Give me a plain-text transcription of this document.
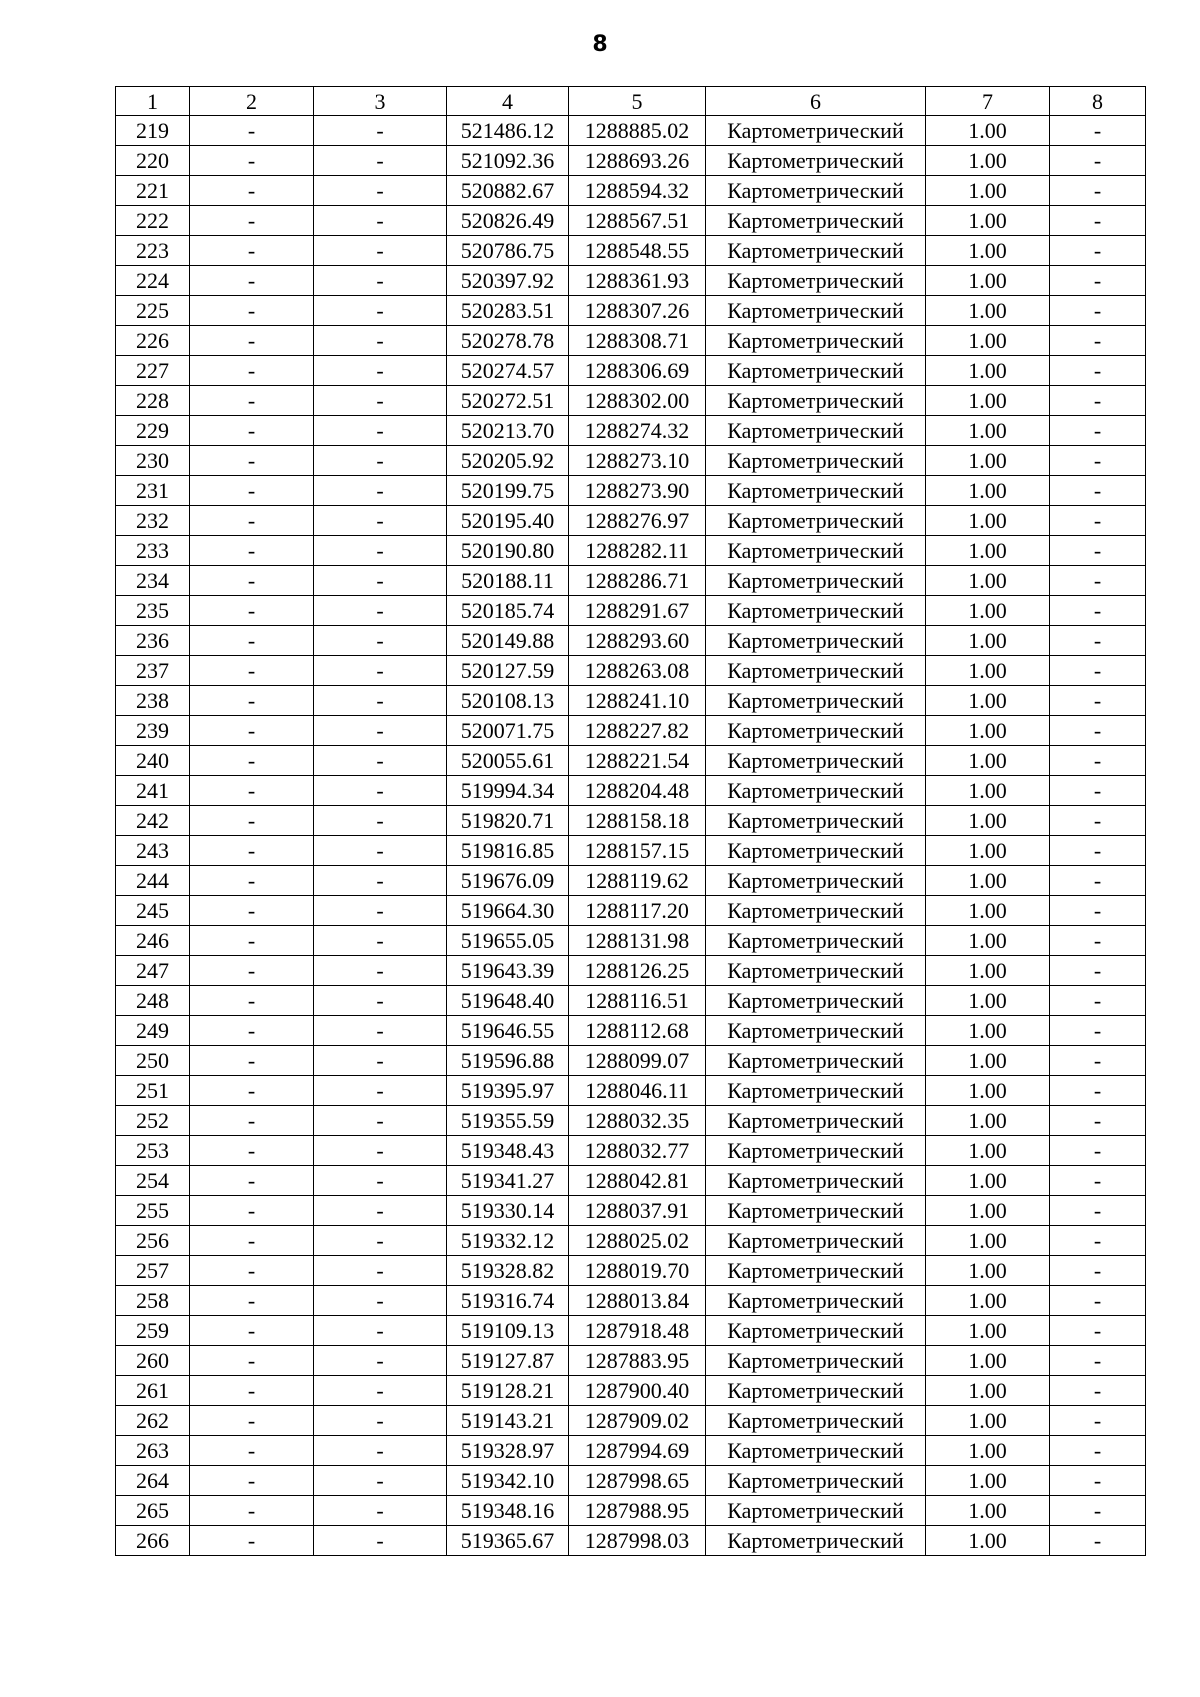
8
1	2	3	4	5	6	7	8
219	-	-	521486.12	1288885.02	Картометрический	1.00	-
220	-	-	521092.36	1288693.26	Картометрический	1.00	-
221	-	-	520882.67	1288594.32	Картометрический	1.00	-
222	-	-	520826.49	1288567.51	Картометрический	1.00	-
223	-	-	520786.75	1288548.55	Картометрический	1.00	-
224	-	-	520397.92	1288361.93	Картометрический	1.00	-
225	-	-	520283.51	1288307.26	Картометрический	1.00	-
226	-	-	520278.78	1288308.71	Картометрический	1.00	-
227	-	-	520274.57	1288306.69	Картометрический	1.00	-
228	-	-	520272.51	1288302.00	Картометрический	1.00	-
229	-	-	520213.70	1288274.32	Картометрический	1.00	-
230	-	-	520205.92	1288273.10	Картометрический	1.00	-
231	-	-	520199.75	1288273.90	Картометрический	1.00	-
232	-	-	520195.40	1288276.97	Картометрический	1.00	-
233	-	-	520190.80	1288282.11	Картометрический	1.00	-
234	-	-	520188.11	1288286.71	Картометрический	1.00	-
235	-	-	520185.74	1288291.67	Картометрический	1.00	-
236	-	-	520149.88	1288293.60	Картометрический	1.00	-
237	-	-	520127.59	1288263.08	Картометрический	1.00	-
238	-	-	520108.13	1288241.10	Картометрический	1.00	-
239	-	-	520071.75	1288227.82	Картометрический	1.00	-
240	-	-	520055.61	1288221.54	Картометрический	1.00	-
241	-	-	519994.34	1288204.48	Картометрический	1.00	-
242	-	-	519820.71	1288158.18	Картометрический	1.00	-
243	-	-	519816.85	1288157.15	Картометрический	1.00	-
244	-	-	519676.09	1288119.62	Картометрический	1.00	-
245	-	-	519664.30	1288117.20	Картометрический	1.00	-
246	-	-	519655.05	1288131.98	Картометрический	1.00	-
247	-	-	519643.39	1288126.25	Картометрический	1.00	-
248	-	-	519648.40	1288116.51	Картометрический	1.00	-
249	-	-	519646.55	1288112.68	Картометрический	1.00	-
250	-	-	519596.88	1288099.07	Картометрический	1.00	-
251	-	-	519395.97	1288046.11	Картометрический	1.00	-
252	-	-	519355.59	1288032.35	Картометрический	1.00	-
253	-	-	519348.43	1288032.77	Картометрический	1.00	-
254	-	-	519341.27	1288042.81	Картометрический	1.00	-
255	-	-	519330.14	1288037.91	Картометрический	1.00	-
256	-	-	519332.12	1288025.02	Картометрический	1.00	-
257	-	-	519328.82	1288019.70	Картометрический	1.00	-
258	-	-	519316.74	1288013.84	Картометрический	1.00	-
259	-	-	519109.13	1287918.48	Картометрический	1.00	-
260	-	-	519127.87	1287883.95	Картометрический	1.00	-
261	-	-	519128.21	1287900.40	Картометрический	1.00	-
262	-	-	519143.21	1287909.02	Картометрический	1.00	-
263	-	-	519328.97	1287994.69	Картометрический	1.00	-
264	-	-	519342.10	1287998.65	Картометрический	1.00	-
265	-	-	519348.16	1287988.95	Картометрический	1.00	-
266	-	-	519365.67	1287998.03	Картометрический	1.00	-
